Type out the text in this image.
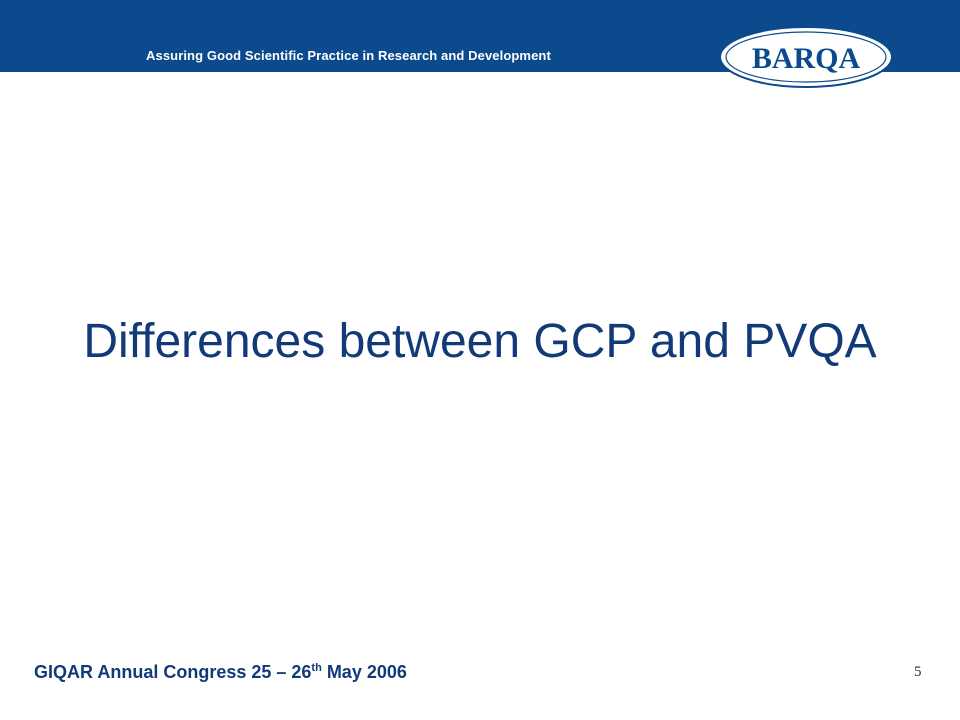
Assuring Good Scientific Practice in Research and Development	BARQA
Differences between GCP and PVQA
GIQAR Annual Congress 25 – 26th May 2006	5
